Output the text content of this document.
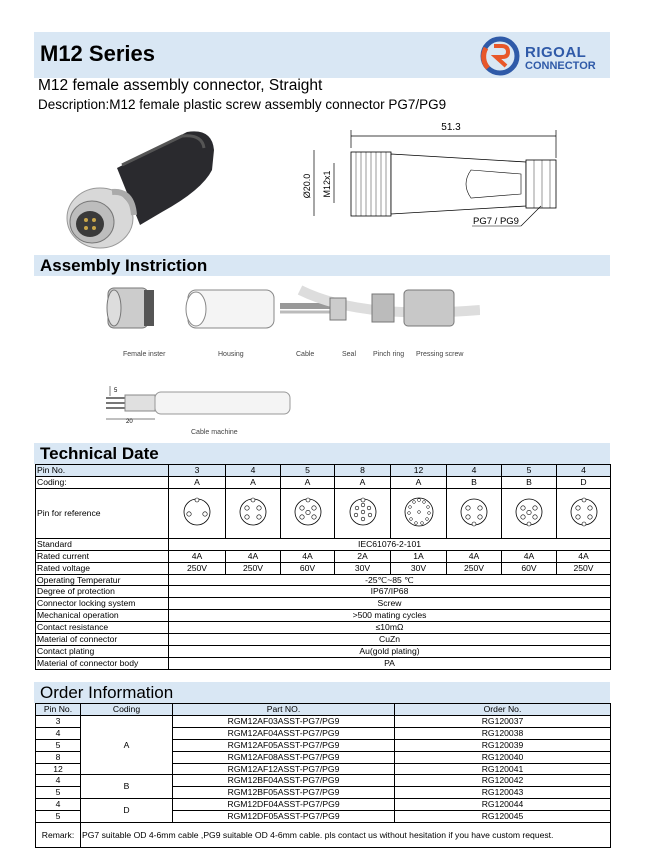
M12 Series	RIGOAL
CONNECTOR
M12 female assembly connector, Straight
Description:M12 female plastic screw assembly connector PG7/PG9
51.3
Ø20.0 M12x1
PG7 / PG9
Assembly Instriction
Female inster	Housing	Cable	Seal Pinch ring Pressing screw
5
20
Cable machine
Technical Date
Pin No.	3	4	5	8	12	4	5	4
Coding:	A	A	A	A	A	B	B	D
Pin for reference								
Standard	IEC61076-2-101							
Rated current	4A	4A	4A	2A	1A	4A	4A	4A
Rated voltage	250V	250V	60V	30V	30V	250V	60V	250V
Operating Temperatur	-25℃~85 ℃							
Degree of protection	IP67/IP68							
Connector locking system	Screw							
Mechanical operation	>500 mating cycles							
Contact resistance	≤10mΩ							
Material of connector	CuZn							
Contact plating	Au(gold plating)							
Material of connector body	PA							
Order Information
Pin No.	Coding	Part NO.	Order No.
3	A	RGM12AF03ASST-PG7/PG9	RG120037
4		RGM12AF04ASST-PG7/PG9	RG120038
5		RGM12AF05ASST-PG7/PG9	RG120039
8		RGM12AF08ASST-PG7/PG9	RG120040
12		RGM12AF12ASST-PG7/PG9	RG120041
4	B	RGM12BF04ASST-PG7/PG9	RG120042
5		RGM12BF05ASST-PG7/PG9	RG120043
4	D	RGM12DF04ASST-PG7/PG9	RG120044
5		RGM12DF05ASST-PG7/PG9	RG120045
Remark:	PG7 suitable OD 4-6mm cable ,PG9 suitable OD 4-6mm cable. pls contact us without hesitation if you have custom request.		
